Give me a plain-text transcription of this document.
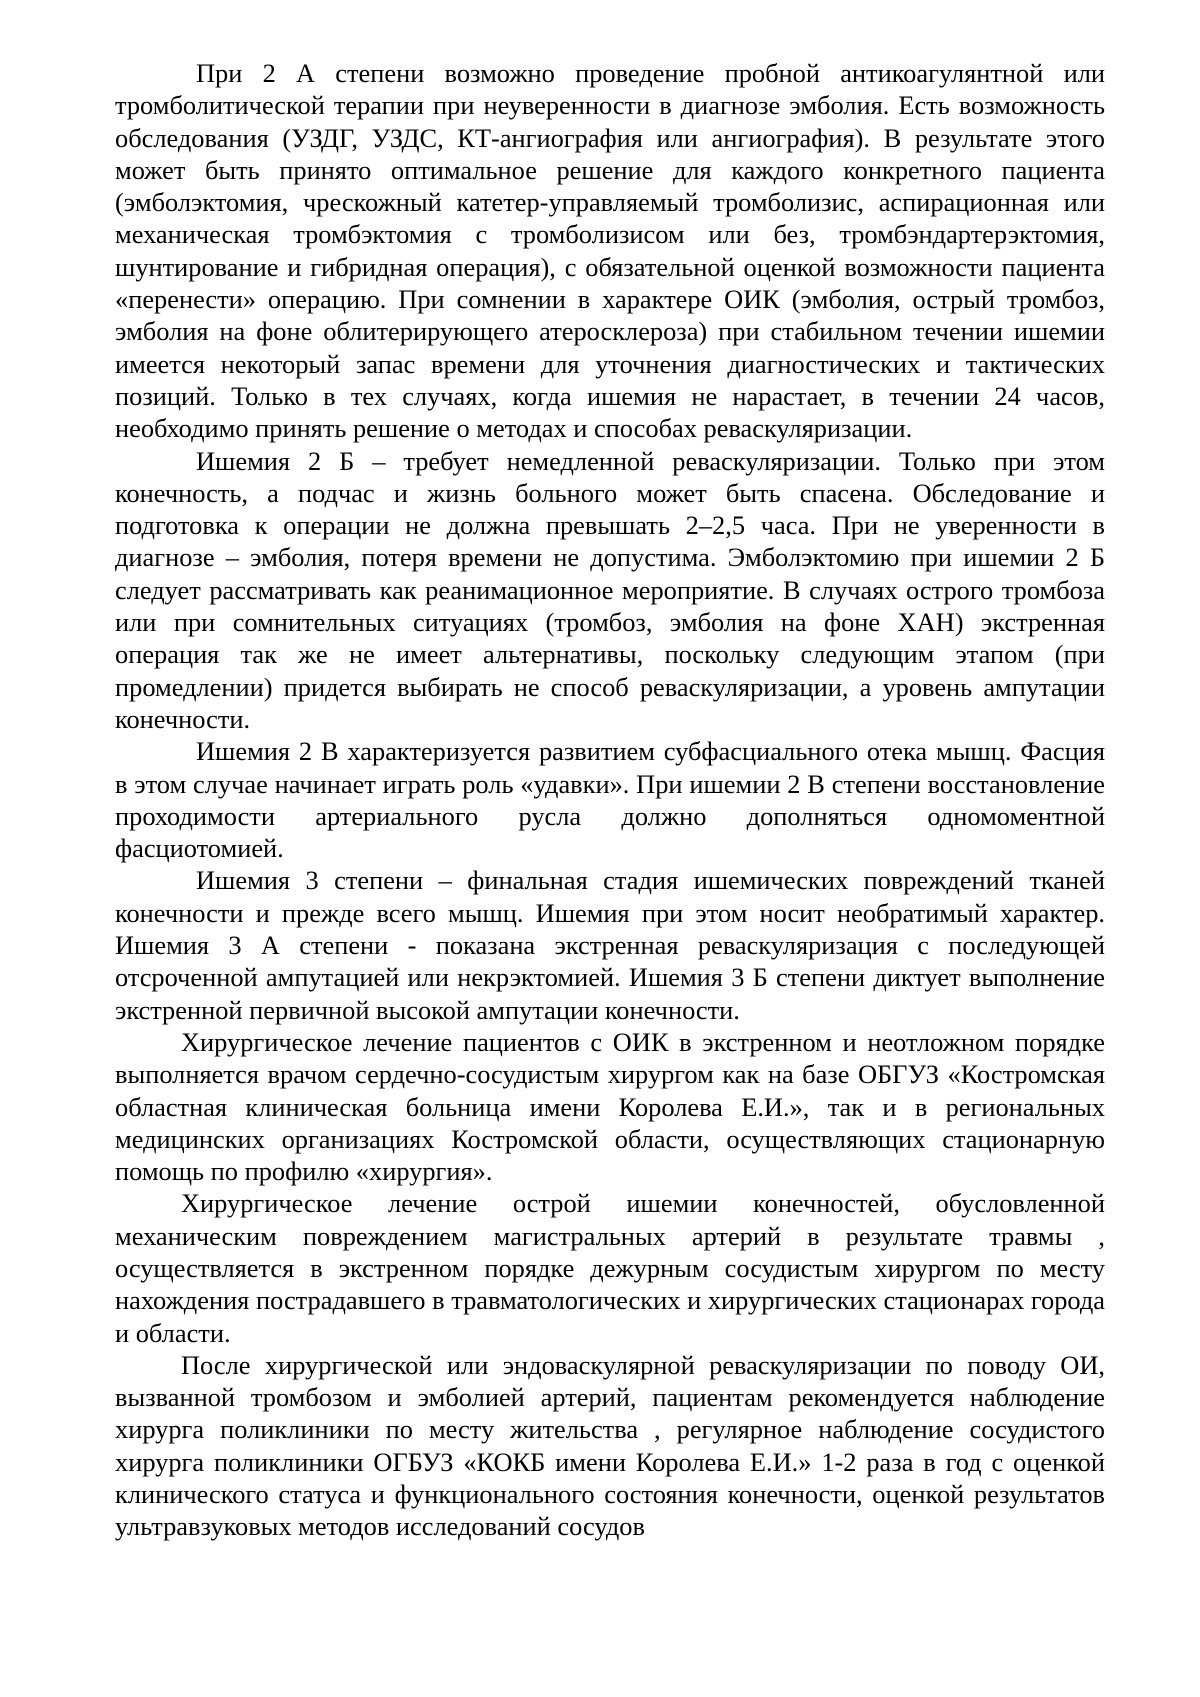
При 2 А степени возможно проведение пробной антикоагулянтной или тромболитической терапии при неуверенности в диагнозе эмболия. Есть возможность обследования (УЗДГ, УЗДС, КТ-ангиография или ангиография). В результате этого может быть принято оптимальное решение для каждого конкретного пациента (эмболэктомия, чрескожный катетер-управляемый тромболизис, аспирационная или механическая тромбэктомия с тромболизисом или без, тромбэндартерэктомия, шунтирование и гибридная операция), с обязательной оценкой возможности пациента «перенести» операцию. При сомнении в характере ОИК (эмболия, острый тромбоз, эмболия на фоне облитерирующего атеросклероза) при стабильном течении ишемии имеется некоторый запас времени для уточнения диагностических и тактических позиций. Только в тех случаях, когда ишемия не нарастает, в течении 24 часов, необходимо принять решение о методах и способах реваскуляризации.

Ишемия 2 Б – требует немедленной реваскуляризации. Только при этом конечность, а подчас и жизнь больного может быть спасена. Обследование и подготовка к операции не должна превышать 2–2,5 часа. При не уверенности в диагнозе – эмболия, потеря времени не допустима. Эмболэктомию при ишемии 2 Б следует рассматривать как реанимационное мероприятие. В случаях острого тромбоза или при сомнительных ситуациях (тромбоз, эмболия на фоне ХАН) экстренная операция так же не имеет альтернативы, поскольку следующим этапом (при промедлении) придется выбирать не способ реваскуляризации, а уровень ампутации конечности.

Ишемия 2 В характеризуется развитием субфасциального отека мышц. Фасция в этом случае начинает играть роль «удавки». При ишемии 2 В степени восстановление проходимости артериального русла должно дополняться одномоментной фасциотомией.

Ишемия 3 степени – финальная стадия ишемических повреждений тканей конечности и прежде всего мышц. Ишемия при этом носит необратимый характер. Ишемия 3 А степени - показана экстренная реваскуляризация с последующей отсроченной ампутацией или некрэктомией. Ишемия 3 Б степени диктует выполнение экстренной первичной высокой ампутации конечности.

Хирургическое лечение пациентов с ОИК в экстренном и неотложном порядке выполняется врачом сердечно-сосудистым хирургом как на базе ОБГУЗ «Костромская областная клиническая больница имени Королева Е.И.», так и в региональных медицинских организациях Костромской области, осуществляющих стационарную помощь по профилю «хирургия».

Хирургическое лечение острой ишемии конечностей, обусловленной механическим повреждением магистральных артерий в результате травмы , осуществляется в экстренном порядке дежурным сосудистым хирургом по месту нахождения пострадавшего в травматологических и хирургических стационарах города и области.

После хирургической или эндоваскулярной реваскуляризации по поводу ОИ, вызванной тромбозом и эмболией артерий, пациентам рекомендуется наблюдение хирурга поликлиники по месту жительства , регулярное наблюдение сосудистого хирурга поликлиники ОГБУЗ «КОКБ имени Королева Е.И.» 1-2 раза в год с оценкой клинического статуса и функционального состояния конечности, оценкой результатов ультравзуковых методов исследований сосудов
